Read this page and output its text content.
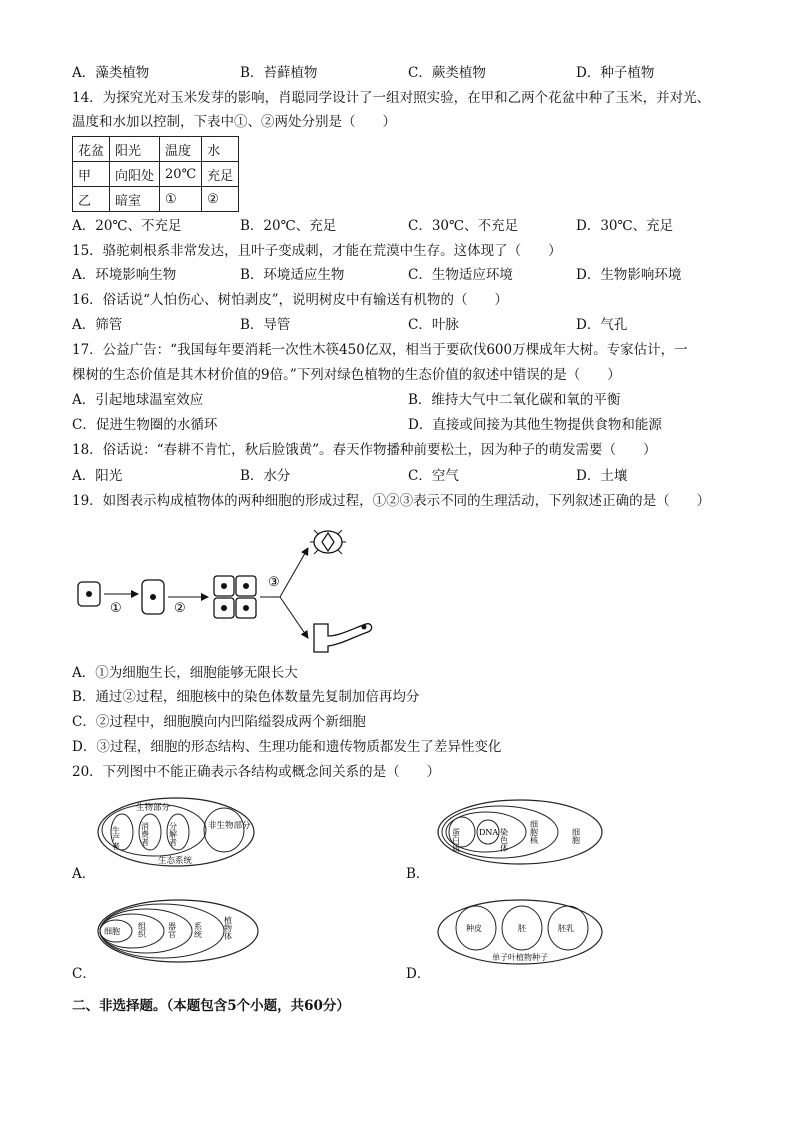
A．藻类植物	B．苔藓植物	C．蕨类植物	D．种子植物
14．为探究光对玉米发芽的影响，肖聪同学设计了一组对照实验，在甲和乙两个花盆中种了玉米，并对光、
温度和水加以控制，下表中①、②两处分别是（　　）
花盆	阳光	温度	水
甲	向阳处	20℃	充足
乙	暗室	①	②
A．20℃、不充足	B．20℃、充足	C．30℃、不充足	D．30℃、充足
15．骆驼刺根系非常发达，且叶子变成刺，才能在荒漠中生存。这体现了（　　）
A．环境影响生物	B．环境适应生物	C．生物适应环境	D．生物影响环境
16．俗话说“人怕伤心、树怕剥皮”，说明树皮中有输送有机物的（　　）
A．筛管	B．导管	C．叶脉	D．气孔
17．公益广告：“我国每年要消耗一次性木筷450亿双，相当于要砍伐600万棵成年大树。专家估计，一
棵树的生态价值是其木材价值的9倍。”下列对绿色植物的生态价值的叙述中错误的是（　　）
A．引起地球温室效应	B．维持大气中二氧化碳和氧的平衡
C．促进生物圈的水循环	D．直接或间接为其他生物提供食物和能源
18．俗话说：“春耕不肯忙，秋后脸饿黄”。春天作物播种前要松土，因为种子的萌发需要（　　）
A．阳光	B．水分	C．空气	D．土壤
19．如图表示构成植物体的两种细胞的形成过程，①②③表示不同的生理活动，下列叙述正确的是（　　）
①	②
③
A．①为细胞生长，细胞能够无限长大
B．通过②过程，细胞核中的染色体数量先复制加倍再均分
C．②过程中，细胞膜向内凹陷缢裂成两个新细胞
D．③过程，细胞的形态结构、生理功能和遗传物质都发生了差异性变化
20．下列图中不能正确表示各结构或概念间关系的是（　　）
生物部分
生产者	消费者 分解者	非生物部分
生态系统
A．
蛋白质 DNA 染色体	细胞核	细胞
B．
细胞 组织	器官 系统	植物体
C．
种皮	胚	胚乳
单子叶植物种子
D．
二、非选择题。（本题包含5个小题，共60分）
